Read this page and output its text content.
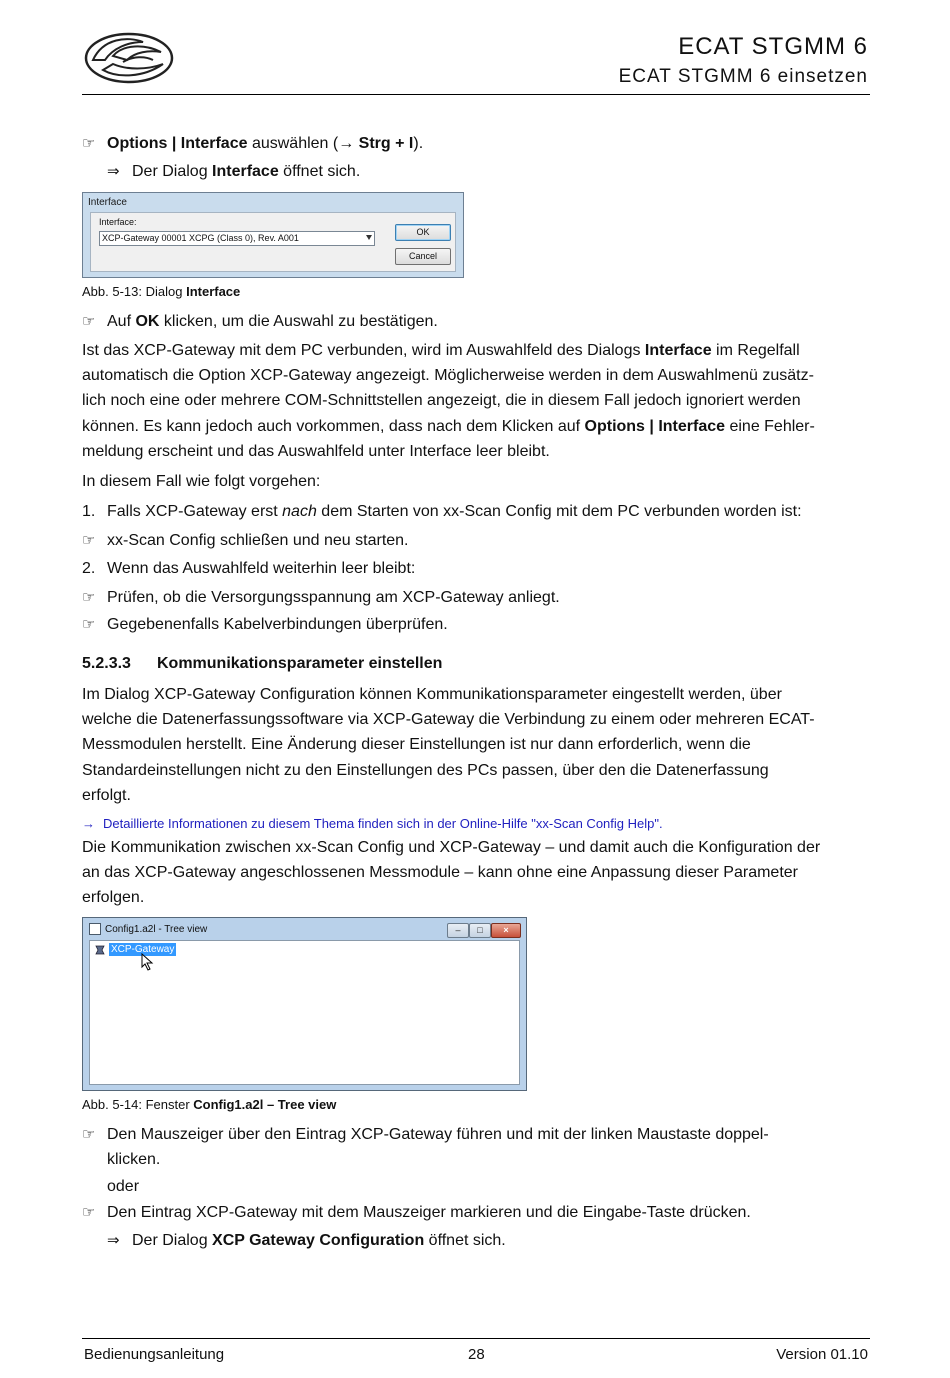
ECAT STGMM 6
ECAT STGMM 6 einsetzen
☞ Options | Interface auswählen (→ Strg + I).
⇒ Der Dialog Interface öffnet sich.
Interface
Interface:
XCP-Gateway 00001 XCPG (Class 0), Rev. A001
OK
Cancel
Abb. 5-13: Dialog Interface
☞ Auf OK klicken, um die Auswahl zu bestätigen.
Ist das XCP-Gateway mit dem PC verbunden, wird im Auswahlfeld des Dialogs Interface im Regelfall
automatisch die Option XCP-Gateway angezeigt. Möglicherweise werden in dem Auswahlmenü zusätz-
lich noch eine oder mehrere COM-Schnittstellen angezeigt, die in diesem Fall jedoch ignoriert werden
können. Es kann jedoch auch vorkommen, dass nach dem Klicken auf Options | Interface eine Fehler-
meldung erscheint und das Auswahlfeld unter Interface leer bleibt.
In diesem Fall wie folgt vorgehen:
1. Falls XCP-Gateway erst nach dem Starten von xx-Scan Config mit dem PC verbunden worden ist:
☞ xx-Scan Config schließen und neu starten.
2. Wenn das Auswahlfeld weiterhin leer bleibt:
☞ Prüfen, ob die Versorgungsspannung am XCP-Gateway anliegt.
☞ Gegebenenfalls Kabelverbindungen überprüfen.
5.2.3.3 Kommunikationsparameter einstellen
Im Dialog XCP-Gateway Configuration können Kommunikationsparameter eingestellt werden, über
welche die Datenerfassungssoftware via XCP-Gateway die Verbindung zu einem oder mehreren ECAT-
Messmodulen herstellt. Eine Änderung dieser Einstellungen ist nur dann erforderlich, wenn die
Standardeinstellungen nicht zu den Einstellungen des PCs passen, über den die Datenerfassung
erfolgt.
→ Detaillierte Informationen zu diesem Thema finden sich in der Online-Hilfe "xx-Scan Config Help".
Die Kommunikation zwischen xx-Scan Config und XCP-Gateway – und damit auch die Konfiguration der
an das XCP-Gateway angeschlossenen Messmodule – kann ohne eine Anpassung dieser Parameter
erfolgen.
Config1.a2l - Tree view	–	□	×
XCP-Gateway
Abb. 5-14: Fenster Config1.a2l – Tree view
☞ Den Mauszeiger über den Eintrag XCP-Gateway führen und mit der linken Maustaste doppel-
klicken.
oder
☞ Den Eintrag XCP-Gateway mit dem Mauszeiger markieren und die Eingabe-Taste drücken.
⇒ Der Dialog XCP Gateway Configuration öffnet sich.
Bedienungsanleitung	28	Version 01.10
